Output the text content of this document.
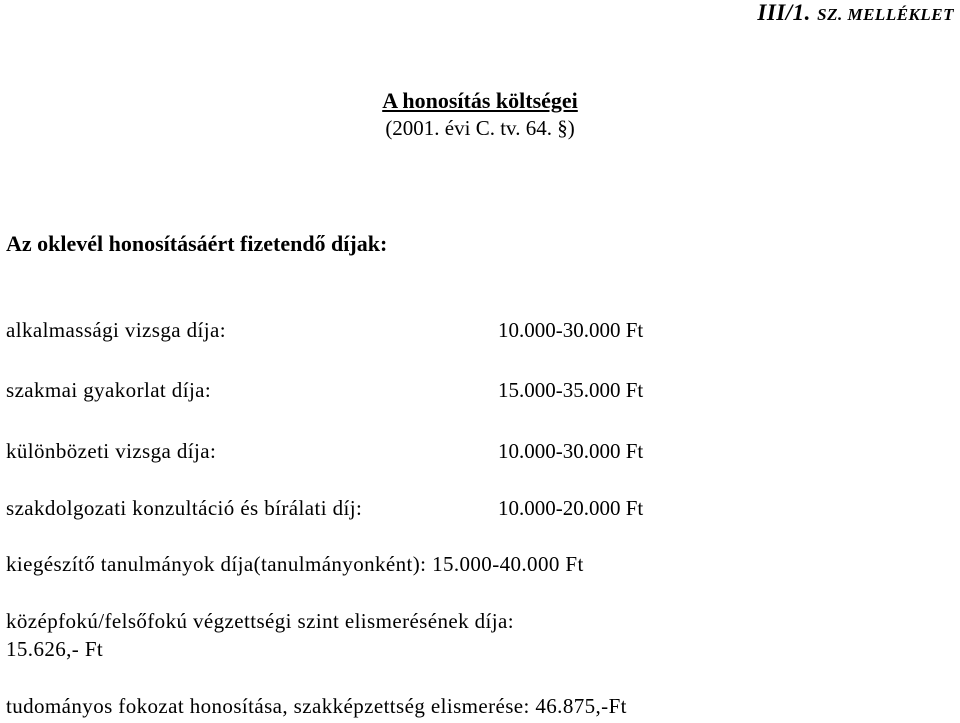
III/1. SZ. MELLÉKLET
A honosítás költségei
(2001. évi C. tv. 64. §)
Az oklevél honosításáért fizetendő díjak:
alkalmassági vizsga díja:	10.000-30.000 Ft
szakmai gyakorlat díja:	15.000-35.000 Ft
különbözeti vizsga díja:	10.000-30.000 Ft
szakdolgozati konzultáció és bírálati díj:	10.000-20.000 Ft
kiegészítő tanulmányok díja(tanulmányonként): 15.000-40.000 Ft
középfokú/felsőfokú végzettségi szint elismerésének díja:
15.626,- Ft
tudományos fokozat honosítása, szakképzettség elismerése: 46.875,-Ft
